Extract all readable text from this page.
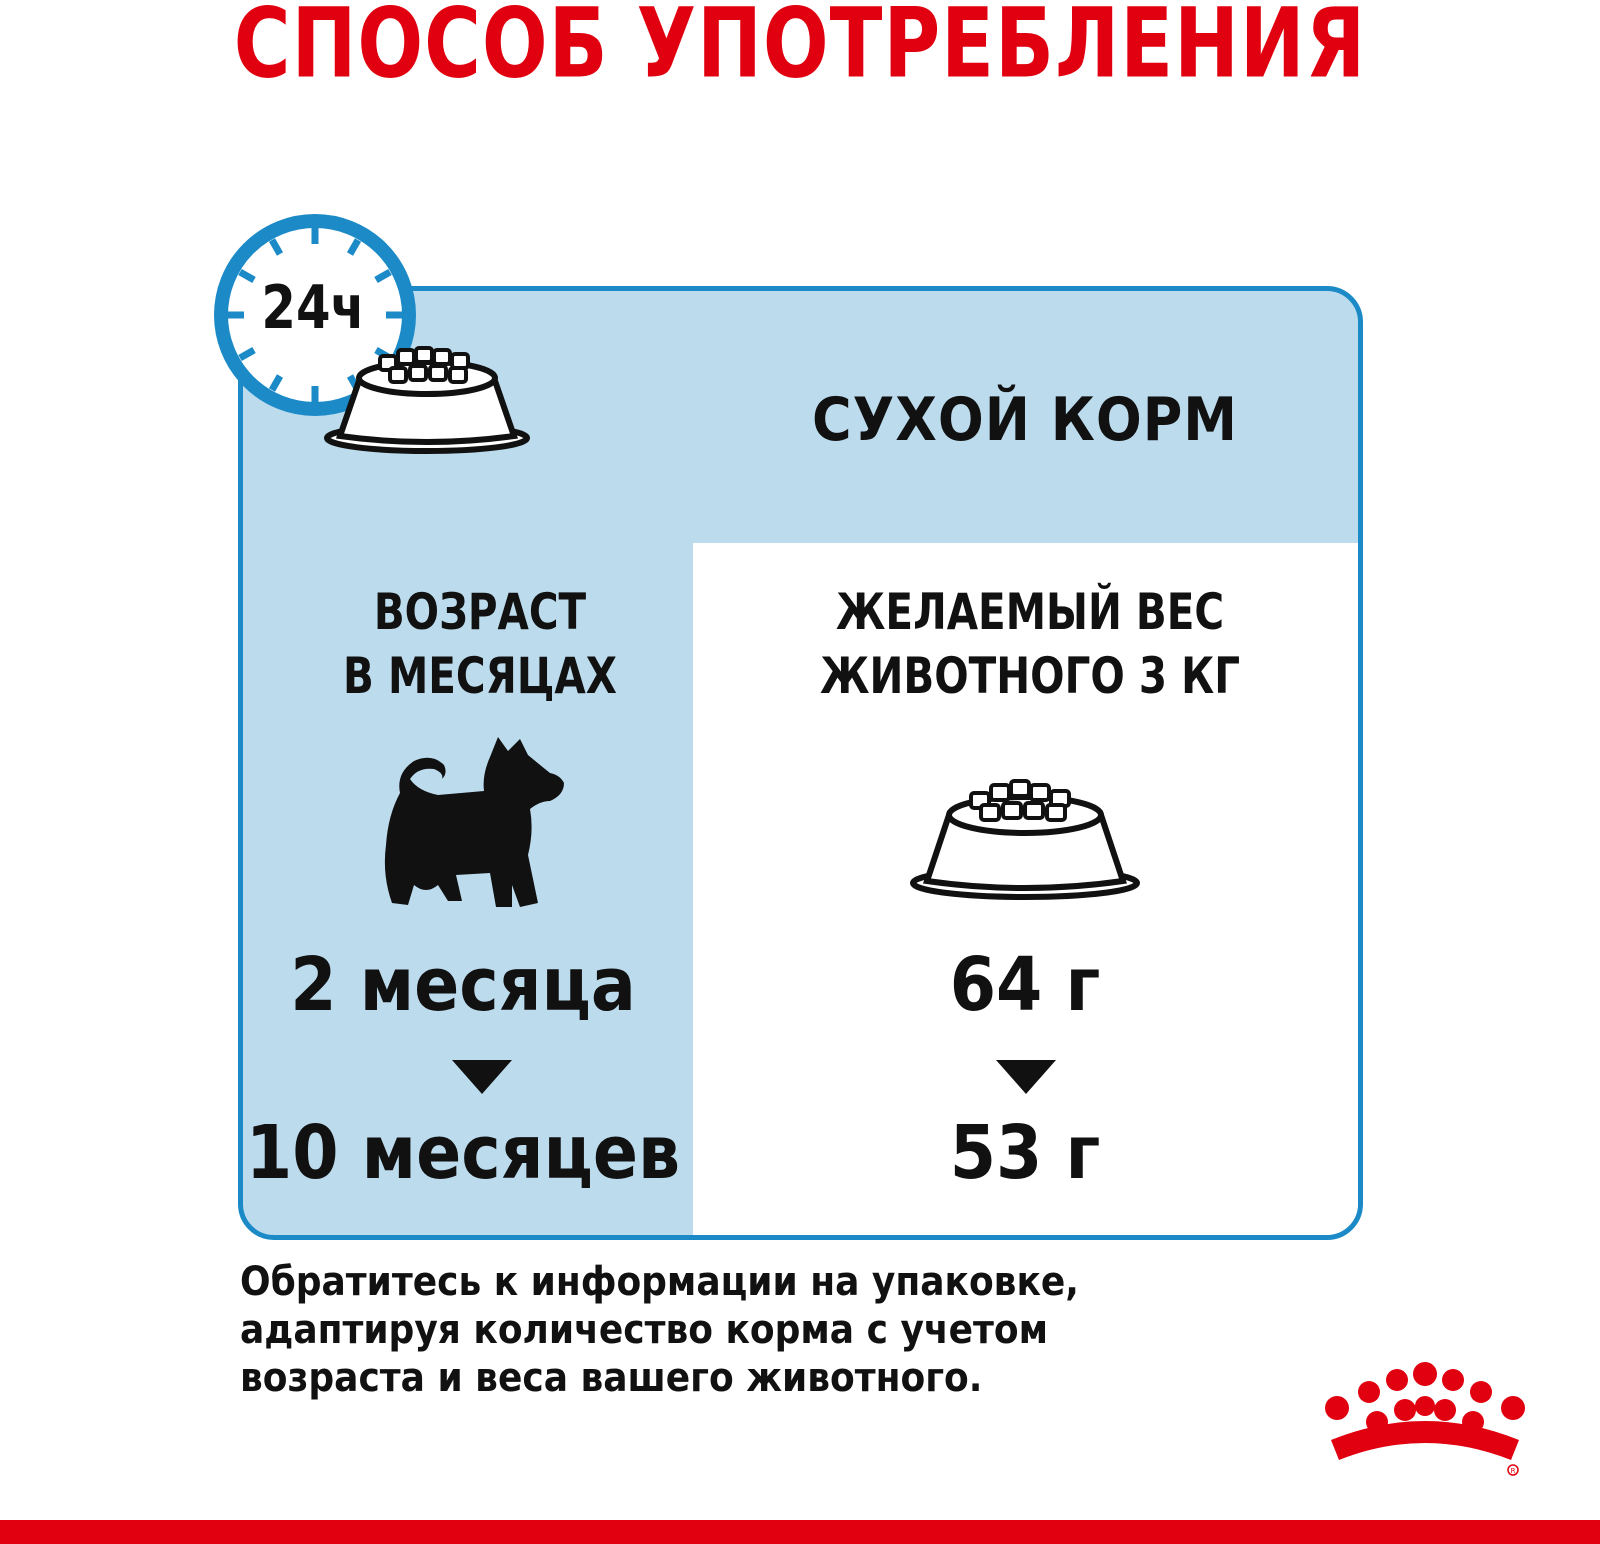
СПОСОБ УПОТРЕБЛЕНИЯ
24ч
СУХОЙ КОРМ
ВОЗРАСТ
В МЕСЯЦАХ
ЖЕЛАЕМЫЙ ВЕС
ЖИВОТНОГО 3 КГ
2 месяца
10 месяцев
64 г
53 г
Обратитесь к информации на упаковке,
адаптируя количество корма с учетом
возраста и веса вашего животного.
R
